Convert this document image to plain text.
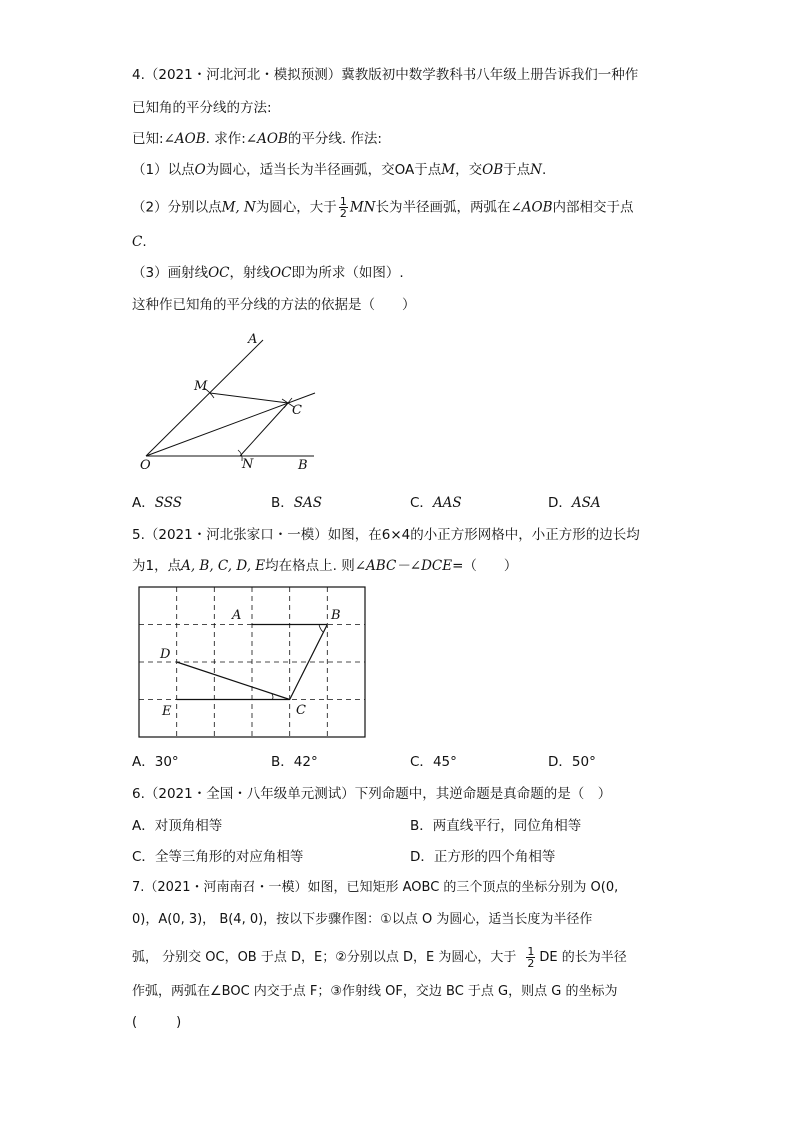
4.（2021・河北河北・模拟预测）冀教版初中数学教科书八年级上册告诉我们一种作
已知角的平分线的方法:
已知:∠AOB. 求作:∠AOB的平分线. 作法:
（1）以点O为圆心，适当长为半径画弧，交OA于点M，交OB于点N.
（2）分别以点M, N为圆心，大于 $\frac{1}{2}$ MN长为半径画弧，两弧在∠AOB内部相交于点
C.
（3）画射线OC，射线OC即为所求（如图）.
这种作已知角的平分线的方法的依据是（　　）
A
M
C
O	N	B
A．SSS	B．SAS	C．AAS	D．ASA
5.（2021・河北张家口・一模）如图，在6×4的小正方形网格中，小正方形的边长均
为1，点A, B, C, D, E均在格点上. 则∠ABC－∠DCE=（　　）
A	B
D
E	C
A．30°	B．42°	C．45°	D．50°
6.（2021・全国・八年级单元测试）下列命题中，其逆命题是真命题的是（　）
A．对顶角相等	B．两直线平行，同位角相等
C．全等三角形的对应角相等	D．正方形的四个角相等
7.（2021・河南南召・一模）如图，已知矩形 AOBC 的三个顶点的坐标分别为 O(0,
0)，A(0, 3)， B(4, 0)，按以下步骤作图：①以点 O 为圆心，适当长度为半径作
弧， 分别交 OC，OB 于点 D，E；②分别以点 D，E 为圆心，大于 $\frac{1}{2}$ DE 的长为半径
作弧，两弧在∠BOC 内交于点 F；③作射线 OF，交边 BC 于点 G，则点 G 的坐标为
(　　　)
